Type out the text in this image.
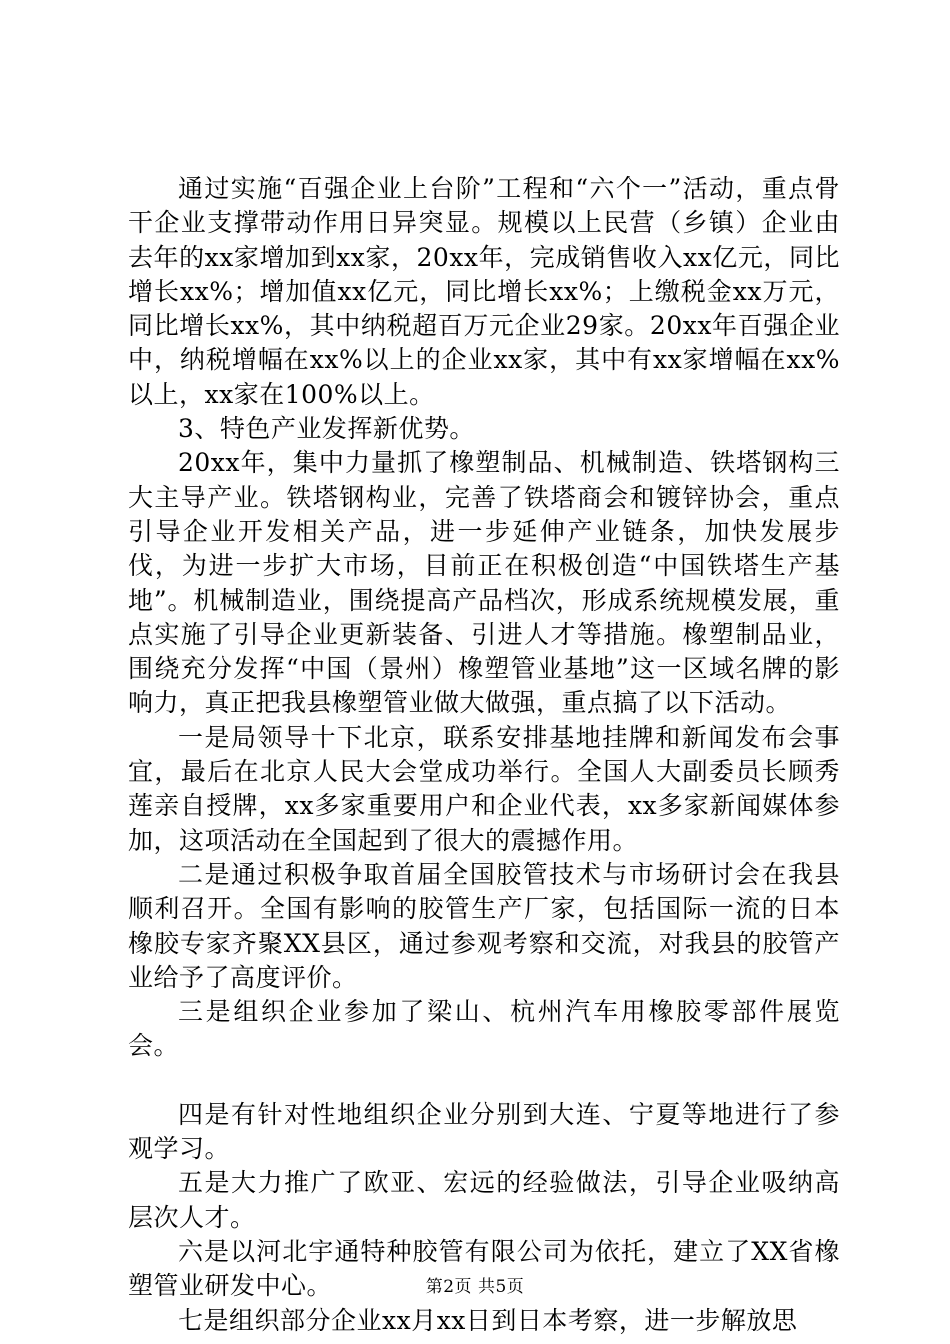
通过实施“百强企业上台阶”工程和“六个一”活动，重点骨干企业支撑带动作用日异突显。规模以上民营（乡镇）企业由去年的xx家增加到xx家，20xx年，完成销售收入xx亿元，同比增长xx%；增加值xx亿元，同比增长xx%；上缴税金xx万元，同比增长xx%，其中纳税超百万元企业29家。20xx年百强企业中，纳税增幅在xx%以上的企业xx家，其中有xx家增幅在xx%以上，xx家在100%以上。

3、特色产业发挥新优势。

20xx年，集中力量抓了橡塑制品、机械制造、铁塔钢构三大主导产业。铁塔钢构业，完善了铁塔商会和镀锌协会，重点引导企业开发相关产品，进一步延伸产业链条，加快发展步伐，为进一步扩大市场，目前正在积极创造“中国铁塔生产基地”。机械制造业，围绕提高产品档次，形成系统规模发展，重点实施了引导企业更新装备、引进人才等措施。橡塑制品业，围绕充分发挥“中国（景州）橡塑管业基地”这一区域名牌的影响力，真正把我县橡塑管业做大做强，重点搞了以下活动。

一是局领导十下北京，联系安排基地挂牌和新闻发布会事宜，最后在北京人民大会堂成功举行。全国人大副委员长顾秀莲亲自授牌，xx多家重要用户和企业代表，xx多家新闻媒体参加，这项活动在全国起到了很大的震撼作用。

二是通过积极争取首届全国胶管技术与市场研讨会在我县顺利召开。全国有影响的胶管生产厂家，包括国际一流的日本橡胶专家齐聚XX县区，通过参观考察和交流，对我县的胶管产业给予了高度评价。

三是组织企业参加了梁山、杭州汽车用橡胶零部件展览会。

四是有针对性地组织企业分别到大连、宁夏等地进行了参观学习。

五是大力推广了欧亚、宏远的经验做法，引导企业吸纳高层次人才。

六是以河北宇通特种胶管有限公司为依托，建立了XX省橡塑管业研发中心。

七是组织部分企业xx月xx日到日本考察，进一步解放思

第2页 共5页
